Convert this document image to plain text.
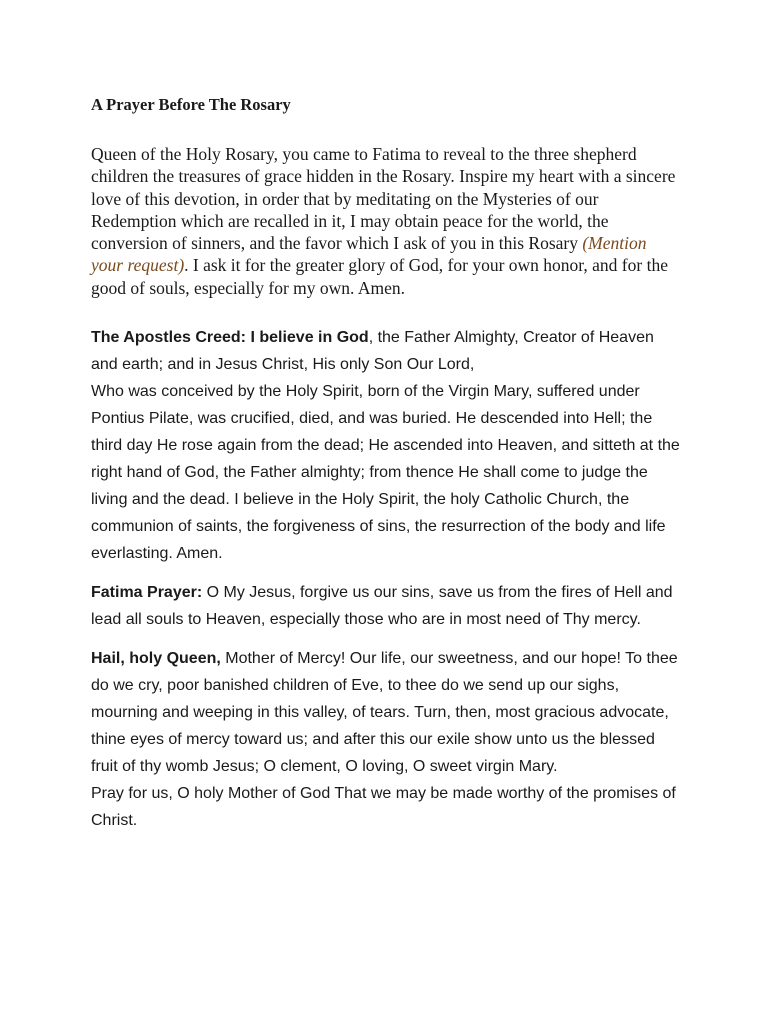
A Prayer Before The Rosary

Queen of the Holy Rosary, you came to Fatima to reveal to the three shepherd children the treasures of grace hidden in the Rosary. Inspire my heart with a sincere love of this devotion, in order that by meditating on the Mysteries of our Redemption which are recalled in it, I may obtain peace for the world, the conversion of sinners, and the favor which I ask of you in this Rosary (Mention your request). I ask it for the greater glory of God, for your own honor, and for the good of souls, especially for my own. Amen.

The Apostles Creed: I believe in God, the Father Almighty, Creator of Heaven and earth; and in Jesus Christ, His only Son Our Lord,
Who was conceived by the Holy Spirit, born of the Virgin Mary, suffered under Pontius Pilate, was crucified, died, and was buried. He descended into Hell; the third day He rose again from the dead; He ascended into Heaven, and sitteth at the right hand of God, the Father almighty; from thence He shall come to judge the living and the dead. I believe in the Holy Spirit, the holy Catholic Church, the communion of saints, the forgiveness of sins, the resurrection of the body and life everlasting. Amen.

Fatima Prayer: O My Jesus, forgive us our sins, save us from the fires of Hell and lead all souls to Heaven, especially those who are in most need of Thy mercy.

Hail, holy Queen, Mother of Mercy! Our life, our sweetness, and our hope! To thee do we cry, poor banished children of Eve, to thee do we send up our sighs, mourning and weeping in this valley, of tears. Turn, then, most gracious advocate, thine eyes of mercy toward us; and after this our exile show unto us the blessed fruit of thy womb Jesus; O clement, O loving, O sweet virgin Mary.
Pray for us, O holy Mother of God That we may be made worthy of the promises of Christ.
